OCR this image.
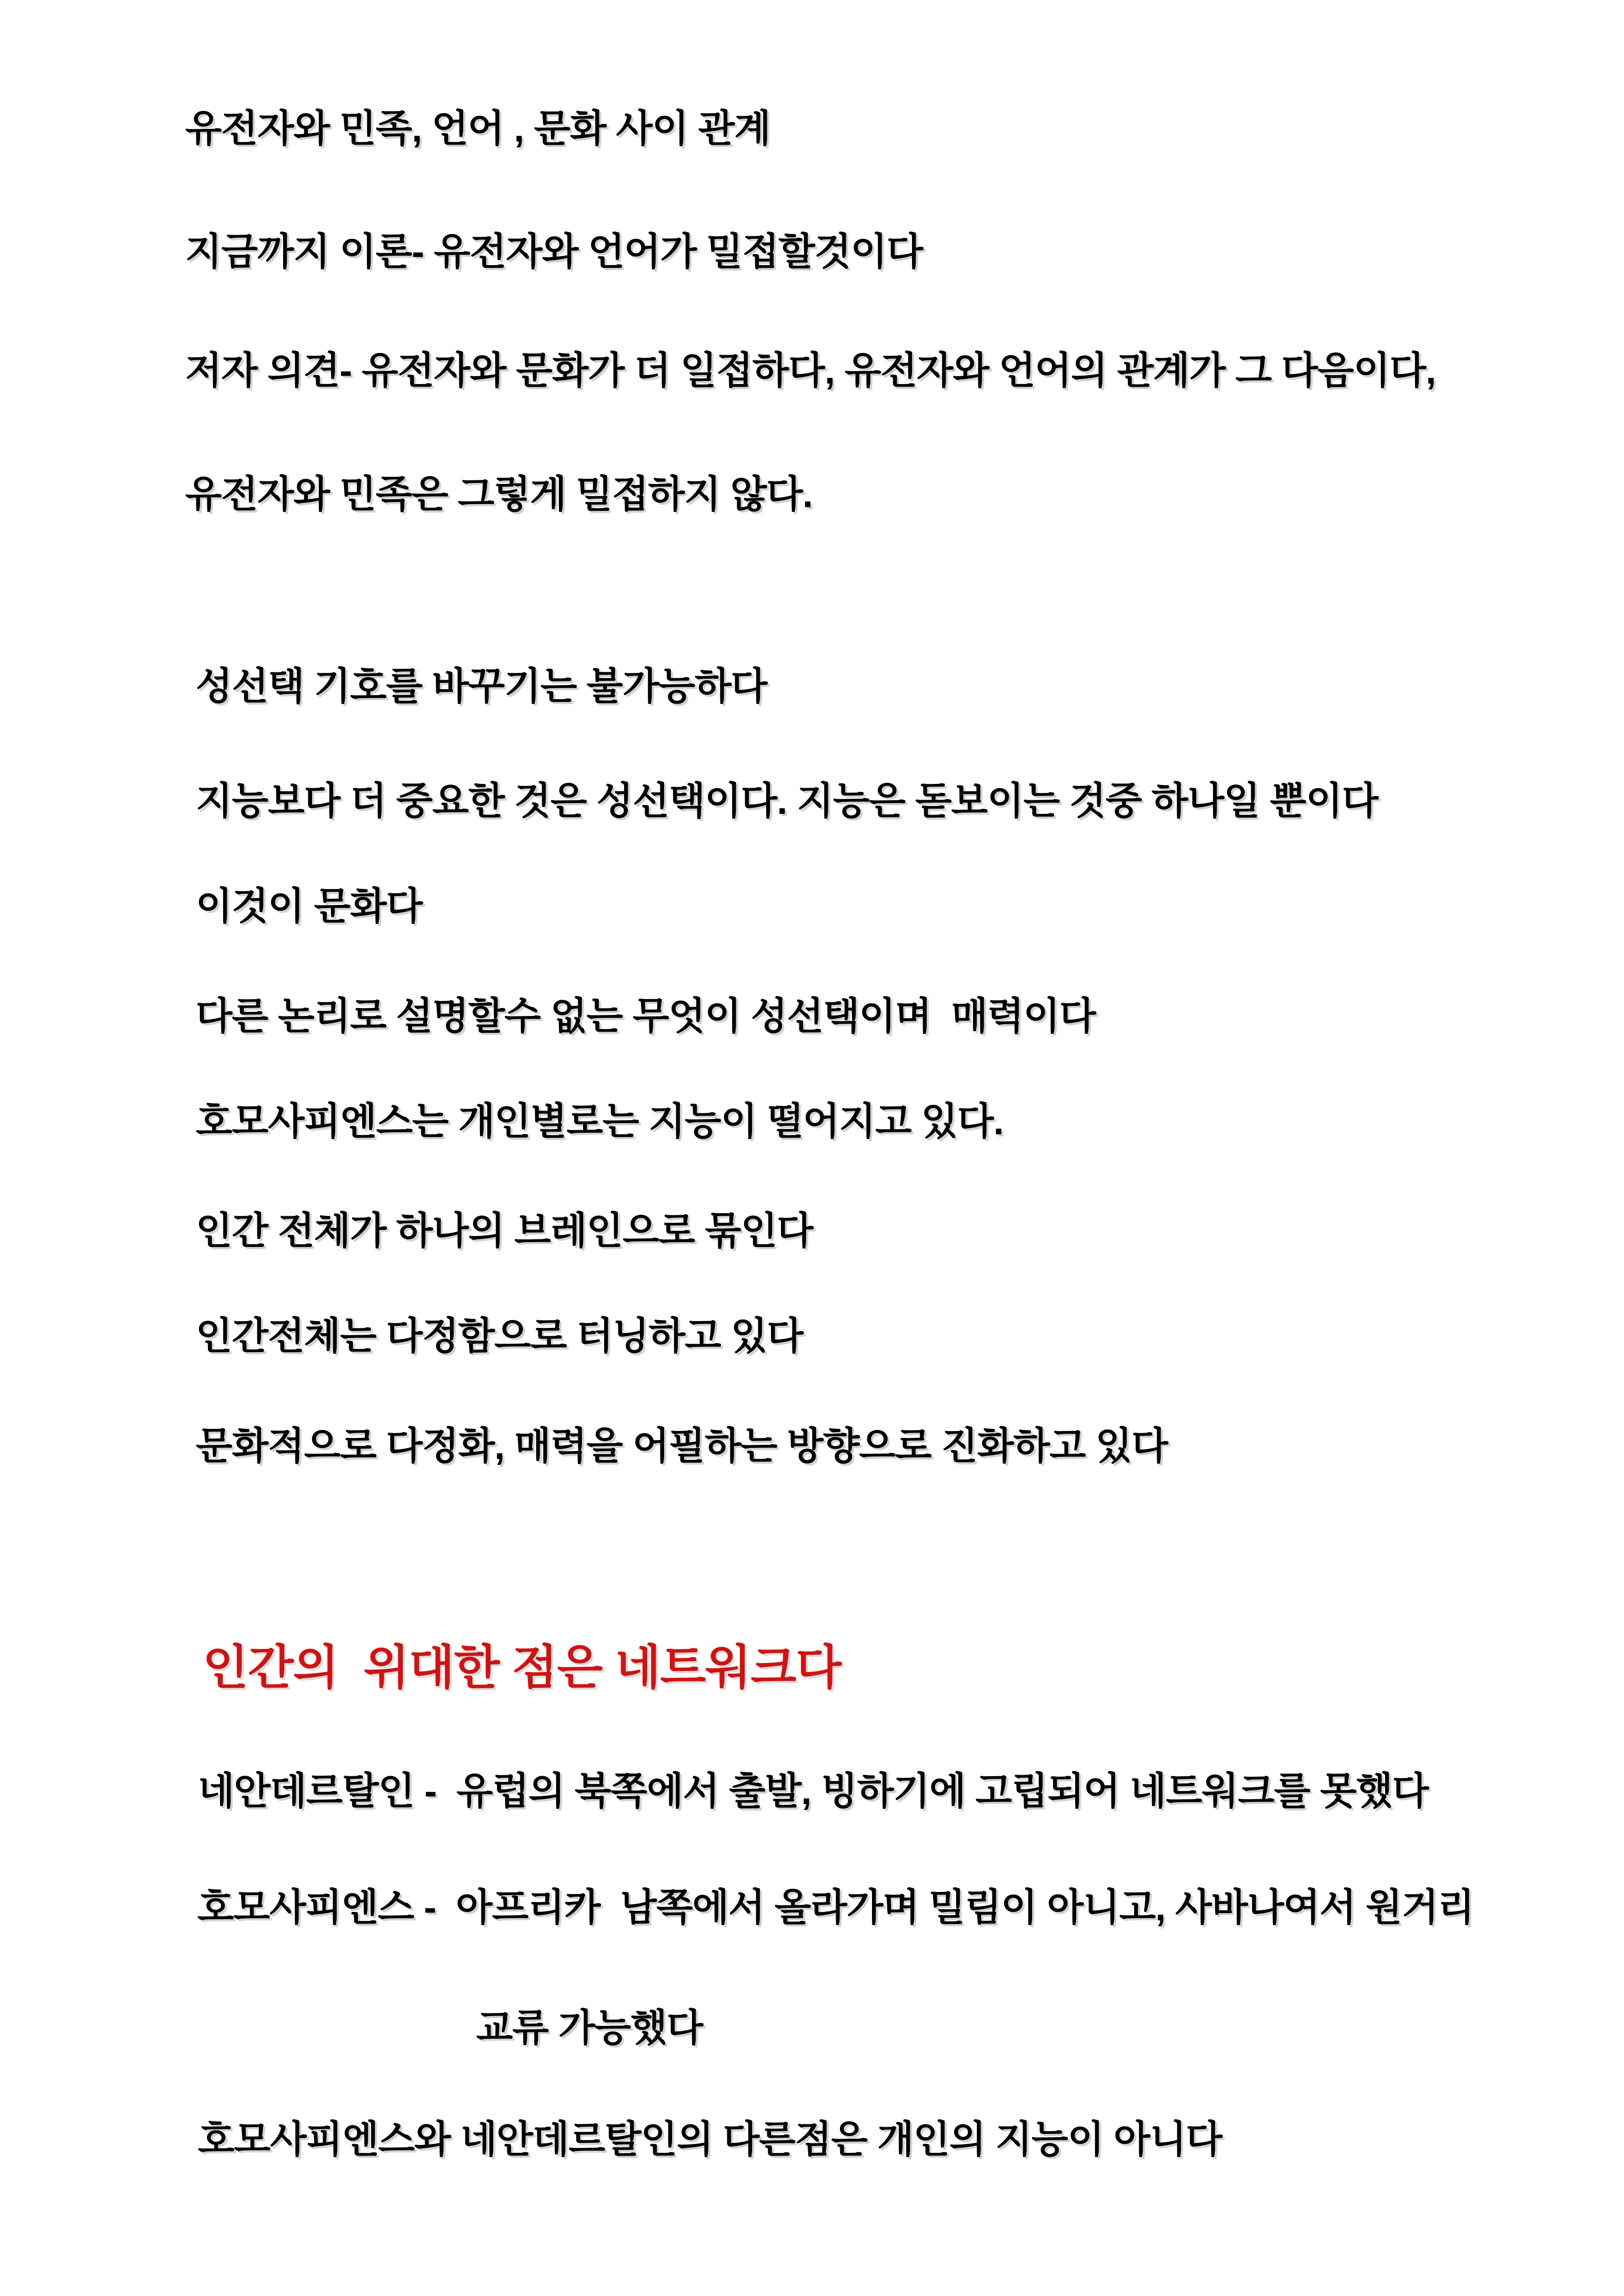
유전자와 민족, 언어 , 문화 사이 관계
지금까지 이론- 유전자와 언어가 밀접할것이다
저자 의견- 유전자와 문화가 더 일접하다, 유전자와 언어의 관계가 그 다음이다,
유전자와 민족은 그렇게 밀접하지 않다.
성선택 기호를 바꾸기는 불가능하다
지능보다 더 중요한 것은 성선택이다. 지능은 돋보이는 것중 하나일 뿐이다
이것이 문화다
다른 논리로 설명할수 없는 무엇이 성선택이며  매력이다
호모사피엔스는 개인별로는 지능이 떨어지고 있다.
인간 전체가 하나의 브레인으로 묶인다
인간전체는 다정함으로 터닝하고 있다
문화적으로 다정화, 매력을 어필하는 방향으로 진화하고 있다
인간의  위대한 점은 네트워크다
네안데르탈인 -  유럽의 북쪽에서 출발, 빙하기에 고립되어 네트워크를 못했다
호모사피엔스 -  아프리카  남쪽에서 올라가며 밀림이 아니고, 사바나여서 원거리
교류 가능했다
호모사피엔스와 네안데르탈인의 다른점은 개인의 지능이 아니다
